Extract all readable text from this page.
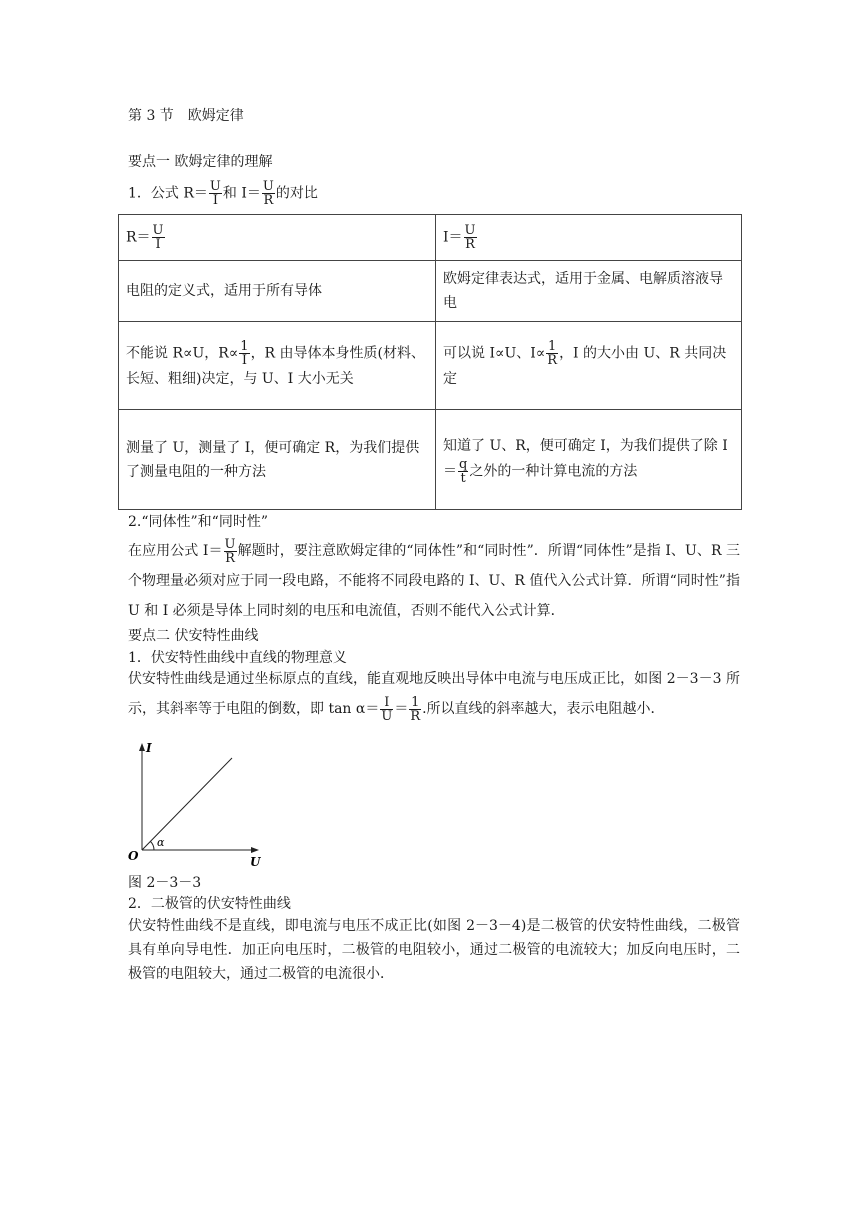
第 3 节　欧姆定律
要点一 欧姆定律的理解
1．公式 $R= \frac{U}{I}$ 和 $I= \frac{U}{R}$ 的对比
$R= \frac{U}{I}$	$I= \frac{U}{R}$

电阻的定义式，适用于所有导体	欧姆定律表达式，适用于金属、电解质溶液导电
不能说 R∝U，$R\propto \frac{1}{I}$ ，R 由导体本身性质(材料、长短、粗细)决定，与 U、I 大小无关	可以说 I∝U、$I\propto \frac{1}{R}$ ，I 的大小由 U、R 共同决定
测量了 U，测量了 I，便可确定 R，为我们提供了测量电阻的一种方法	知道了 U、R，便可确定 I，为我们提供了除 $I= \frac{q}{t}$ 之外的一种计算电流的方法
2.“同体性”和“同时性”
在应用公式 $I= \frac{U}{R}$ 解题时，要注意欧姆定律的“同体性”和“同时性”．所谓“同体性”是指 I、U、R 三个物理量必须对应于同一段电路，不能将不同段电路的 I、U、R 值代入公式计算．所谓“同时性”指 U 和 I 必须是导体上同时刻的电压和电流值，否则不能代入公式计算．
要点二 伏安特性曲线
1．伏安特性曲线中直线的物理意义
伏安特性曲线是通过坐标原点的直线，能直观地反映出导体中电流与电压成正比，如图 2－3－3 所示，其斜率等于电阻的倒数，即 $\tan \alpha= \frac{I}{U} = \frac{1}{R}$ .所以直线的斜率越大，表示电阻越小．
I
U
O
α
图 2－3－3
2．二极管的伏安特性曲线
伏安特性曲线不是直线，即电流与电压不成正比(如图 2－3－4)是二极管的伏安特性曲线，二极管具有单向导电性．加正向电压时，二极管的电阻较小，通过二极管的电流较大；加反向电压时，二极管的电阻较大，通过二极管的电流很小．
